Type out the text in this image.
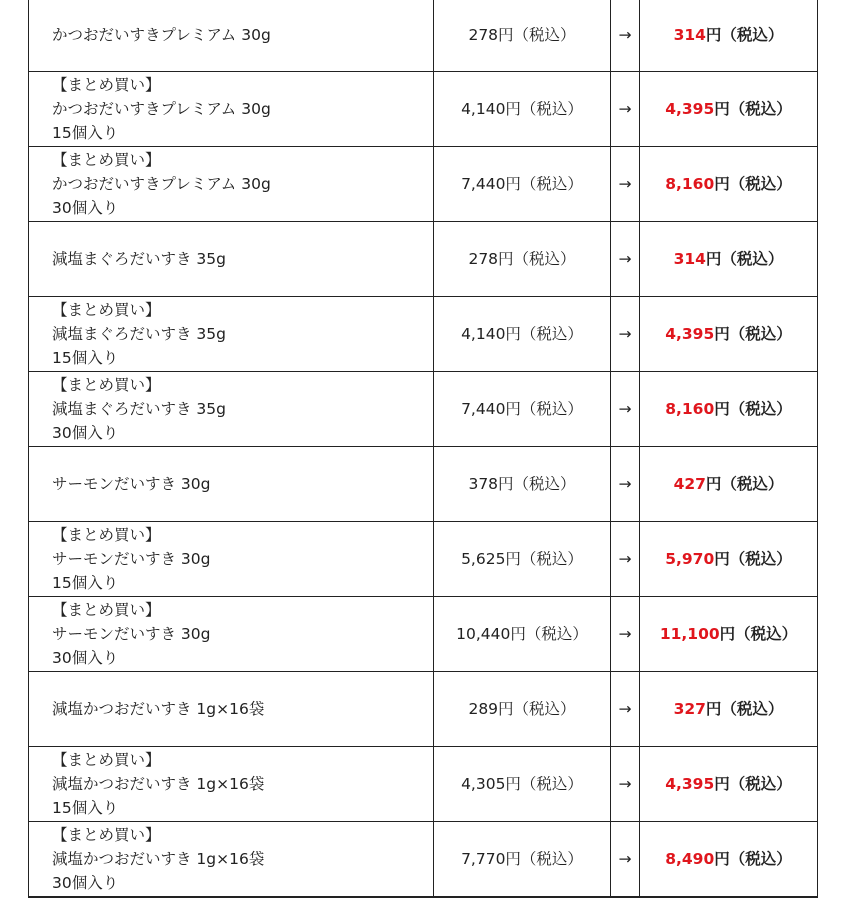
かつおだいすきプレミアム 30g	278円（税込）	→	314円（税込）

【まとめ買い】
かつおだいすきプレミアム 30g
15個入り	4,140円（税込）	→	4,395円（税込）

【まとめ買い】
かつおだいすきプレミアム 30g
30個入り	7,440円（税込）	→	8,160円（税込）

減塩まぐろだいすき 35g	278円（税込）	→	314円（税込）

【まとめ買い】
減塩まぐろだいすき 35g
15個入り	4,140円（税込）	→	4,395円（税込）

【まとめ買い】
減塩まぐろだいすき 35g
30個入り	7,440円（税込）	→	8,160円（税込）

サーモンだいすき 30g	378円（税込）	→	427円（税込）

【まとめ買い】
サーモンだいすき 30g
15個入り	5,625円（税込）	→	5,970円（税込）

【まとめ買い】
サーモンだいすき 30g
30個入り	10,440円（税込）	→	11,100円（税込）

減塩かつおだいすき 1g×16袋	289円（税込）	→	327円（税込）

【まとめ買い】
減塩かつおだいすき 1g×16袋
15個入り	4,305円（税込）	→	4,395円（税込）

【まとめ買い】
減塩かつおだいすき 1g×16袋
30個入り	7,770円（税込）	→	8,490円（税込）
